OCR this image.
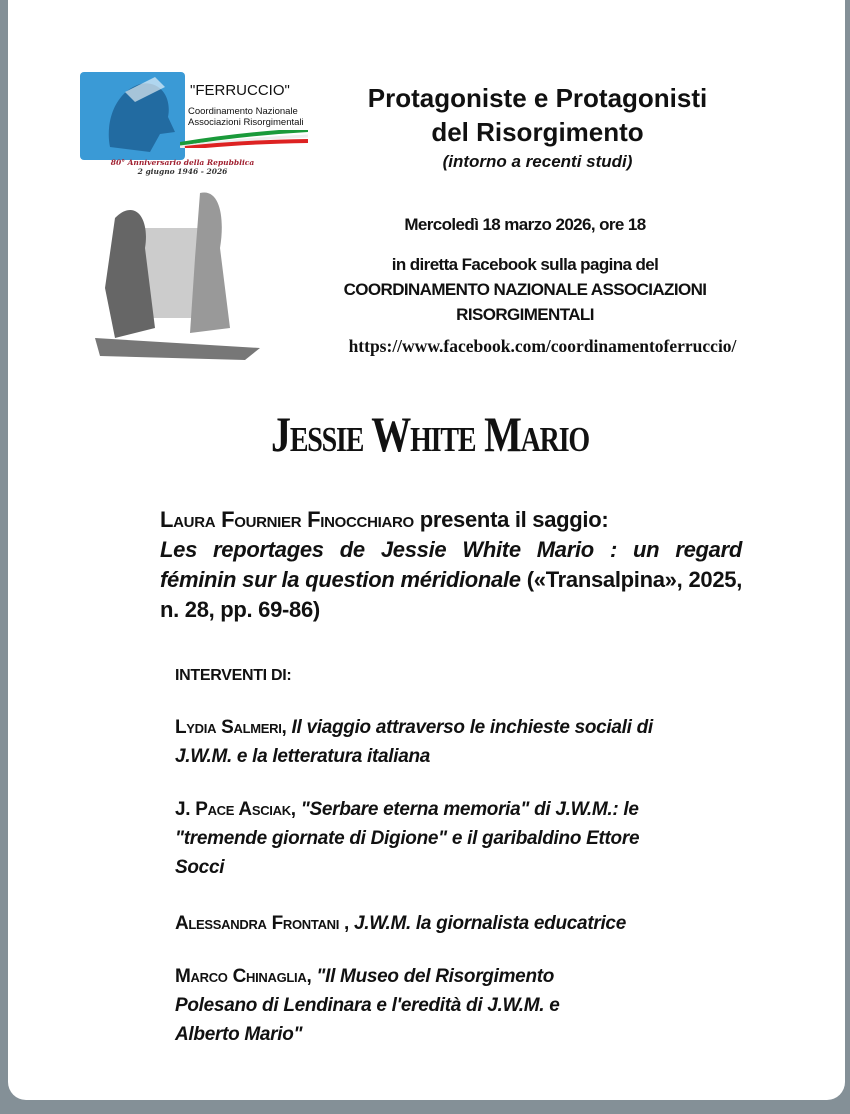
"FERRUCCIO"
Coordinamento Nazionale
Associazioni Risorgimentali
80° Anniversario della Repubblica
2 giugno 1946 - 2026
Protagoniste e Protagonisti
del Risorgimento
(intorno a recenti studi)
Mercoledì 18 marzo 2026, ore 18
in diretta Facebook sulla pagina del
COORDINAMENTO NAZIONALE ASSOCIAZIONI
RISORGIMENTALI
https://www.facebook.com/coordinamentoferruccio/
Jessie White Mario
Laura Fournier Finocchiaro presenta il saggio:
Les reportages de Jessie White Mario : un regard féminin sur la question méridionale («Transalpina», 2025, n. 28, pp. 69-86)
INTERVENTI DI:
Lydia Salmeri, Il viaggio attraverso le inchieste sociali di J.W.M. e la letteratura italiana
J. Pace Asciak, "Serbare eterna memoria" di J.W.M.: le "tremende giornate di Digione" e il garibaldino Ettore Socci
Alessandra Frontani , J.W.M. la giornalista educatrice
Marco Chinaglia, "Il Museo del Risorgimento Polesano di Lendinara e l'eredità di J.W.M. e Alberto Mario"
